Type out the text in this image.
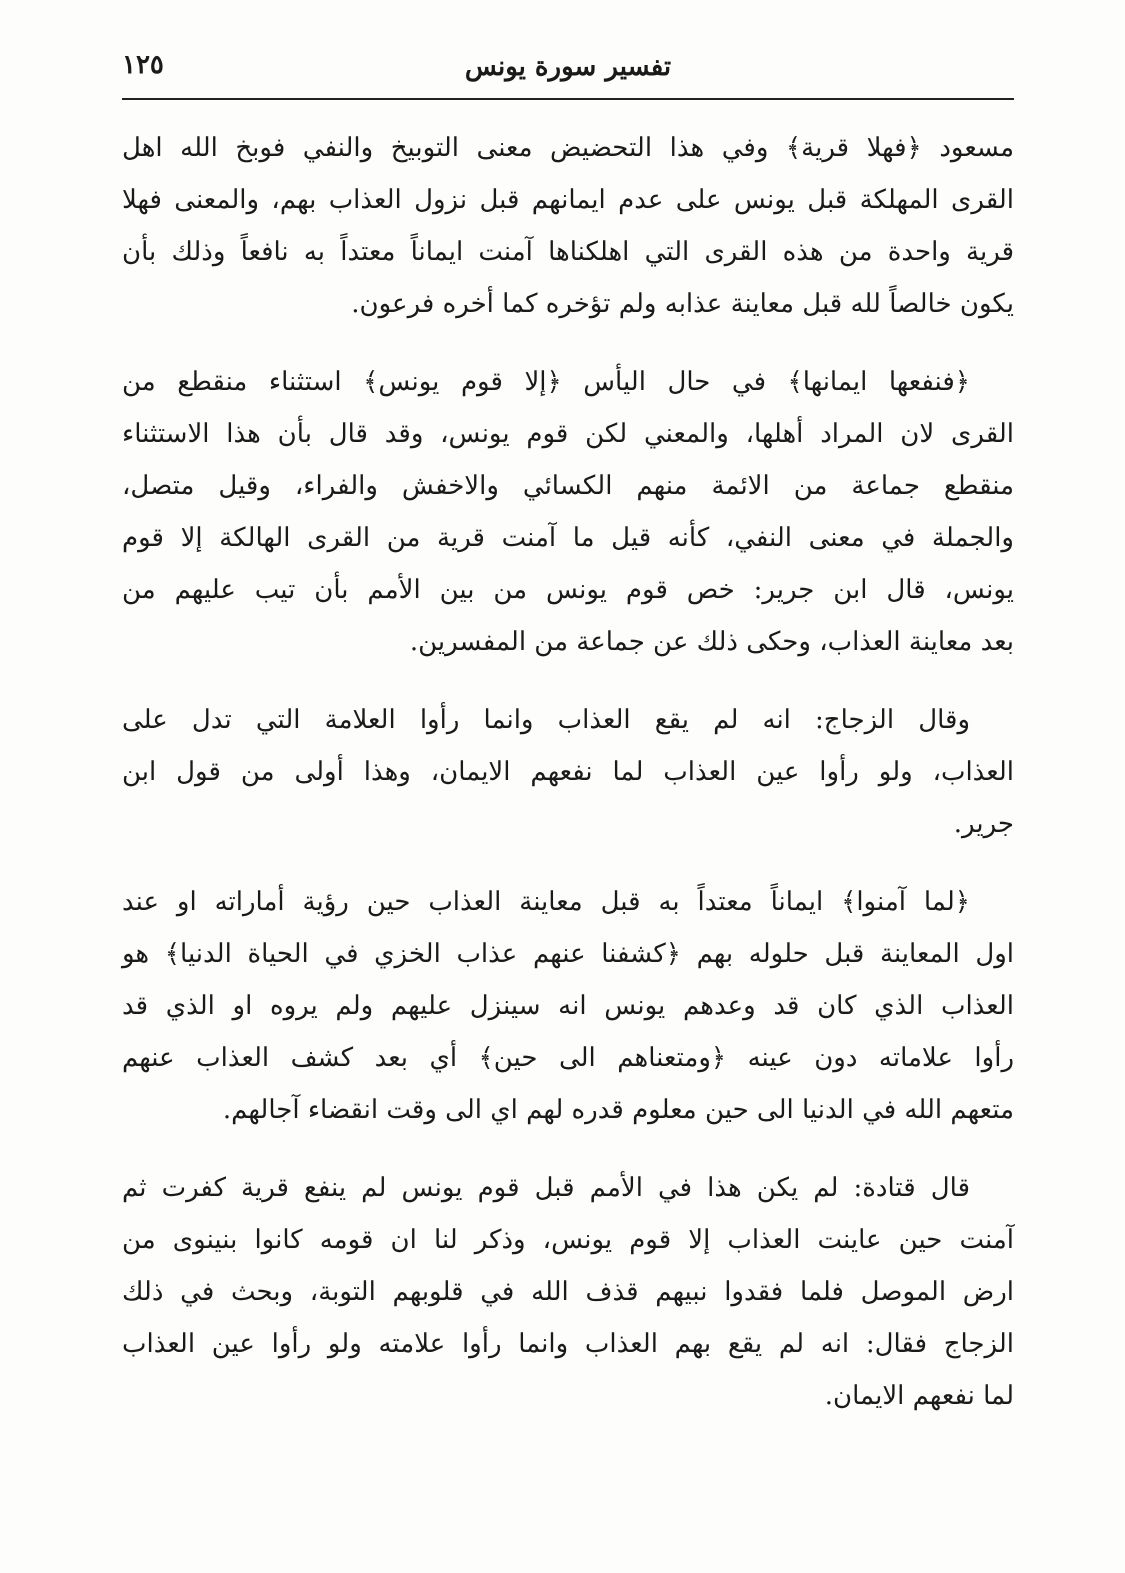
١٢٥	تفسير سورة يونس

مسعود ﴿فهلا قرية﴾ وفي هذا التحضيض معنى التوبيخ والنفي فوبخ الله اهل
القرى المهلكة قبل يونس على عدم ايمانهم قبل نزول العذاب بهم، والمعنى فهلا
قرية واحدة من هذه القرى التي اهلكناها آمنت ايماناً معتداً به نافعاً وذلك بأن
يكون خالصاً لله قبل معاينة عذابه ولم تؤخره كما أخره فرعون.

﴿فنفعها ايمانها﴾ في حال اليأس ﴿إلا قوم يونس﴾ استثناء منقطع من
القرى لان المراد أهلها، والمعني لكن قوم يونس، وقد قال بأن هذا الاستثناء
منقطع جماعة من الائمة منهم الكسائي والاخفش والفراء، وقيل متصل،
والجملة في معنى النفي، كأنه قيل ما آمنت قرية من القرى الهالكة إلا قوم
يونس، قال ابن جرير: خص قوم يونس من بين الأمم بأن تيب عليهم من
بعد معاينة العذاب، وحكى ذلك عن جماعة من المفسرين.

وقال الزجاج: انه لم يقع العذاب وانما رأوا العلامة التي تدل على
العذاب، ولو رأوا عين العذاب لما نفعهم الايمان، وهذا أولى من قول ابن
جرير.

﴿لما آمنوا﴾ ايماناً معتداً به قبل معاينة العذاب حين رؤية أماراته او عند
اول المعاينة قبل حلوله بهم ﴿كشفنا عنهم عذاب الخزي في الحياة الدنيا﴾ هو
العذاب الذي كان قد وعدهم يونس انه سينزل عليهم ولم يروه او الذي قد
رأوا علاماته دون عينه ﴿ومتعناهم الى حين﴾ أي بعد كشف العذاب عنهم
متعهم الله في الدنيا الى حين معلوم قدره لهم اي الى وقت انقضاء آجالهم.

قال قتادة: لم يكن هذا في الأمم قبل قوم يونس لم ينفع قرية كفرت ثم
آمنت حين عاينت العذاب إلا قوم يونس، وذكر لنا ان قومه كانوا بنينوى من
ارض الموصل فلما فقدوا نبيهم قذف الله في قلوبهم التوبة، وبحث في ذلك
الزجاج فقال: انه لم يقع بهم العذاب وانما رأوا علامته ولو رأوا عين العذاب
لما نفعهم الايمان.
